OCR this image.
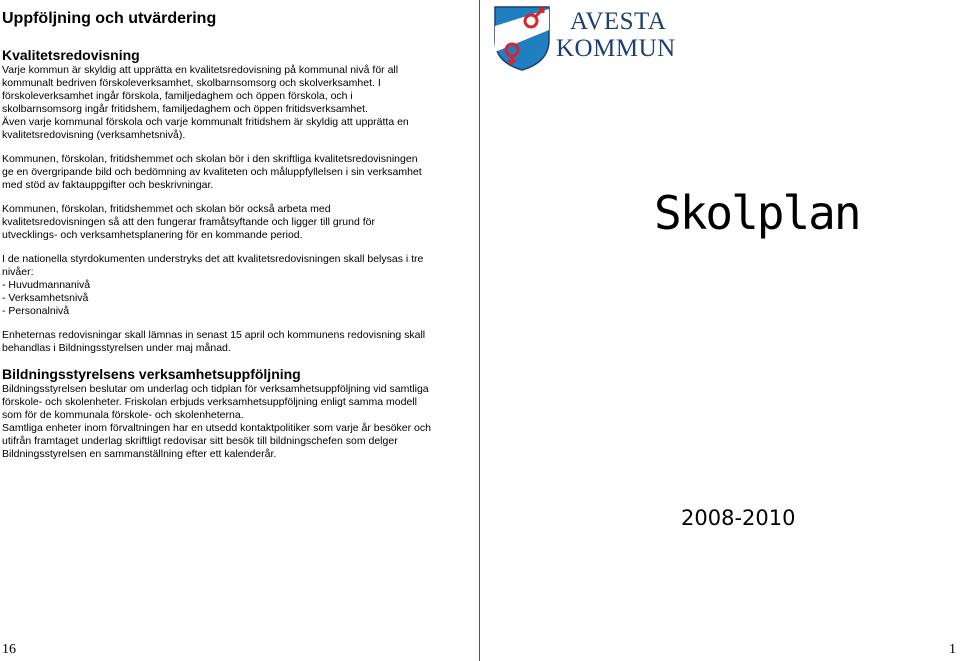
Uppföljning och utvärdering
Kvalitetsredovisning

Varje kommun är skyldig att upprätta en kvalitetsredovisning på kommunal nivå för all
kommunalt bedriven förskoleverksamhet, skolbarnsomsorg och skolverksamhet. I
förskoleverksamhet ingår förskola, familjedaghem och öppen förskola, och i
skolbarnsomsorg ingår fritidshem, familjedaghem och öppen fritidsverksamhet.
Även varje kommunal förskola och varje kommunalt fritidshem är skyldig att upprätta en
kvalitetsredovisning (verksamhetsnivå).

Kommunen, förskolan, fritidshemmet och skolan bör i den skriftliga kvalitetsredovisningen
ge en övergripande bild och bedömning av kvaliteten och måluppfyllelsen i sin verksamhet
med stöd av faktauppgifter och beskrivningar.

Kommunen, förskolan, fritidshemmet och skolan bör också arbeta med
kvalitetsredovisningen så att den fungerar framåtsyftande och ligger till grund för
utvecklings- och verksamhetsplanering för en kommande period.

I de nationella styrdokumenten understryks det att kvalitetsredovisningen skall belysas i tre
nivåer:

- Huvudmannanivå
- Verksamhetsnivå
- Personalnivå

Enheternas redovisningar skall lämnas in senast 15 april och kommunens redovisning skall
behandlas i Bildningsstyrelsen under maj månad.

Bildningsstyrelsens verksamhetsuppföljning

Bildningsstyrelsen beslutar om underlag och tidplan för verksamhetsuppföljning vid samtliga
förskole- och skolenheter. Friskolan erbjuds verksamhetsuppföljning enligt samma modell
som för de kommunala förskole- och skolenheterna.
Samtliga enheter inom förvaltningen har en utsedd kontaktpolitiker som varje år besöker och
utifrån framtaget underlag skriftligt redovisar sitt besök till bildningschefen som delger
Bildningsstyrelsen en sammanställning efter ett kalenderår.

16
AVESTA
KOMMUN
Skolplan
2008-2010
1
